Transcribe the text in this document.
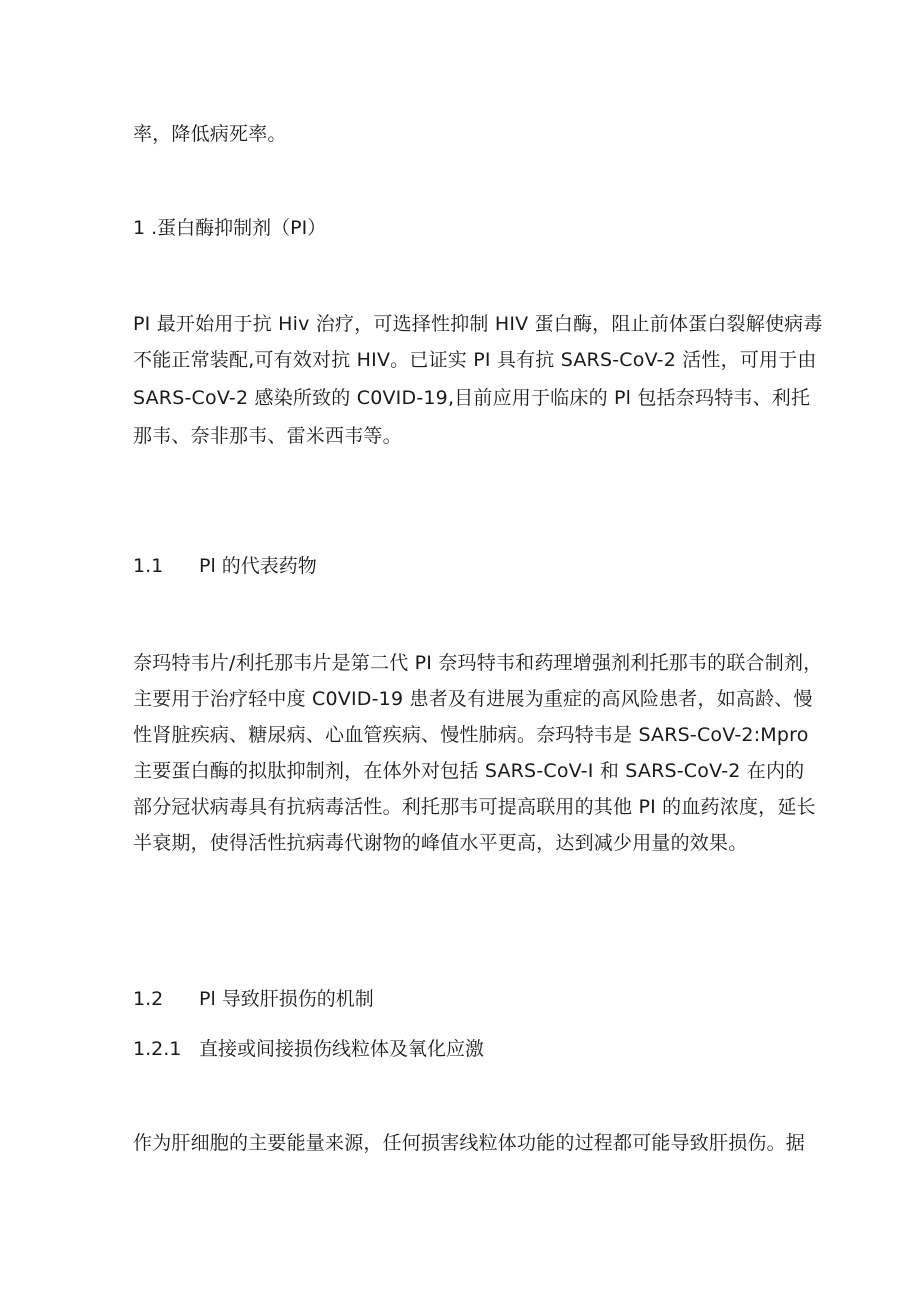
率，降低病死率。
1 .蛋白酶抑制剂（PI）
PI 最开始用于抗 Hiv 治疗，可选择性抑制 HIV 蛋白酶，阻止前体蛋白裂解使病毒
不能正常装配,可有效对抗 HIV。已证实 PI 具有抗 SARS-CoV-2 活性，可用于由
SARS-CoV-2 感染所致的 C0VID-19,目前应用于临床的 Pl 包括奈玛特韦、利托
那韦、奈非那韦、雷米西韦等。
1.1 Pl 的代表药物
奈玛特韦片/利托那韦片是第二代 PI 奈玛特韦和药理增强剂利托那韦的联合制剂，
主要用于治疗轻中度 C0VID-19 患者及有进展为重症的高风险患者，如高龄、慢
性肾脏疾病、糖尿病、心血管疾病、慢性肺病。奈玛特韦是 SARS-CoV-2:Mpro
主要蛋白酶的拟肽抑制剂，在体外对包括 SARS-CoV-I 和 SARS-CoV-2 在内的
部分冠状病毒具有抗病毒活性。利托那韦可提高联用的其他 PI 的血药浓度，延长
半衰期，使得活性抗病毒代谢物的峰值水平更高，达到减少用量的效果。
1.2 Pl 导致肝损伤的机制
1.2.1 直接或间接损伤线粒体及氧化应激
作为肝细胞的主要能量来源，任何损害线粒体功能的过程都可能导致肝损伤。据
